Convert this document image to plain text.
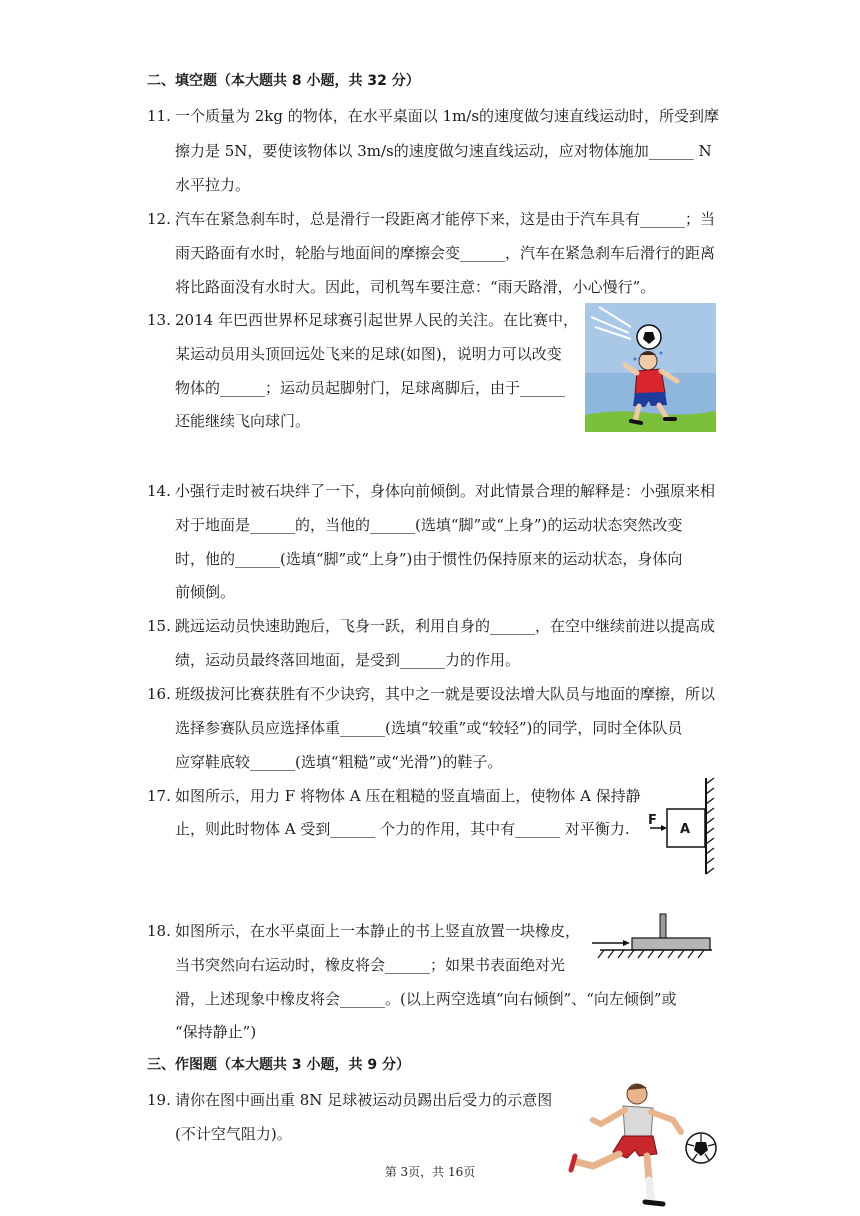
二、填空题（本大题共 8 小题，共 32 分）
11. 一个质量为 2kg 的物体，在水平桌面以 1m/s的速度做匀速直线运动时，所受到摩
擦力是 5N，要使该物体以 3m/s的速度做匀速直线运动，应对物体施加______ N
水平拉力。
12. 汽车在紧急刹车时，总是滑行一段距离才能停下来，这是由于汽车具有______；当
雨天路面有水时，轮胎与地面间的摩擦会变______，汽车在紧急刹车后滑行的距离
将比路面没有水时大。因此，司机驾车要注意：“雨天路滑，小心慢行”。
13. 2014 年巴西世界杯足球赛引起世界人民的关注。在比赛中，
某运动员用头顶回远处飞来的足球(如图)，说明力可以改变
物体的______；运动员起脚射门，足球离脚后，由于______
还能继续飞向球门。
14. 小强行走时被石块绊了一下，身体向前倾倒。对此情景合理的解释是：小强原来相
对于地面是______的，当他的______(选填“脚”或“上身”)的运动状态突然改变
时，他的______(选填“脚”或“上身”)由于惯性仍保持原来的运动状态，身体向
前倾倒。
15. 跳远运动员快速助跑后，飞身一跃，利用自身的______，在空中继续前进以提高成
绩，运动员最终落回地面，是受到______力的作用。
16. 班级拔河比赛获胜有不少诀窍，其中之一就是要设法增大队员与地面的摩擦，所以
选择参赛队员应选择体重______(选填“较重”或“较轻”)的同学，同时全体队员
应穿鞋底较______(选填“粗糙”或“光滑”)的鞋子。
17. 如图所示，用力 F 将物体 A 压在粗糙的竖直墙面上，使物体 A 保持静
止，则此时物体 A 受到______ 个力的作用，其中有______ 对平衡力. F
A
18. 如图所示，在水平桌面上一本静止的书上竖直放置一块橡皮，
当书突然向右运动时，橡皮将会______；如果书表面绝对光
滑，上述现象中橡皮将会______。(以上两空选填“向右倾倒”、“向左倾倒”或
“保持静止”)
三、作图题（本大题共 3 小题，共 9 分）
19. 请你在图中画出重 8N 足球被运动员踢出后受力的示意图
(不计空气阻力)。
第 3页，共 16页
